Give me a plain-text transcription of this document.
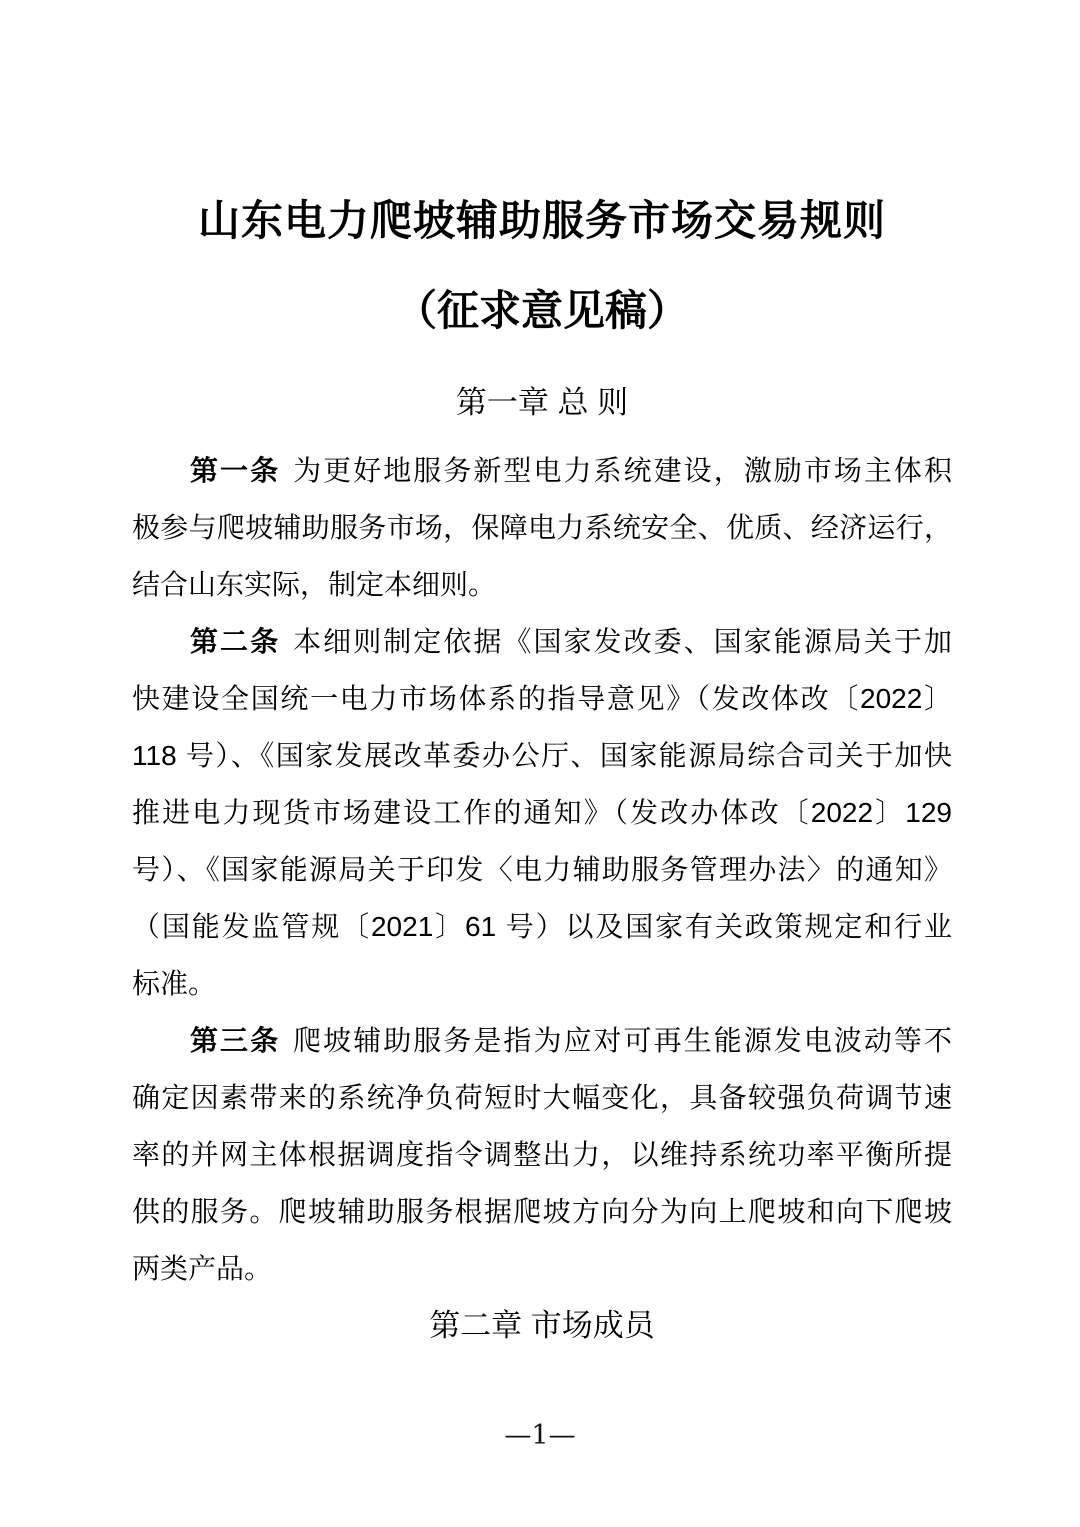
山东电力爬坡辅助服务市场交易规则
（征求意见稿）
第一章 总 则
第一条 为更好地服务新型电力系统建设，激励市场主体积
极参与爬坡辅助服务市场，保障电力系统安全、优质、经济运行，
结合山东实际，制定本细则。
第二条 本细则制定依据《国家发改委、国家能源局关于加
快建设全国统一电力市场体系的指导意见》（发改体改〔2022〕
118 号）、《国家发展改革委办公厅、国家能源局综合司关于加快
推进电力现货市场建设工作的通知》（发改办体改〔2022〕129
号）、《国家能源局关于印发〈电力辅助服务管理办法〉的通知》
（国能发监管规〔2021〕61 号）以及国家有关政策规定和行业
标准。
第三条 爬坡辅助服务是指为应对可再生能源发电波动等不
确定因素带来的系统净负荷短时大幅变化，具备较强负荷调节速
率的并网主体根据调度指令调整出力，以维持系统功率平衡所提
供的服务。爬坡辅助服务根据爬坡方向分为向上爬坡和向下爬坡
两类产品。
第二章 市场成员
—1—
